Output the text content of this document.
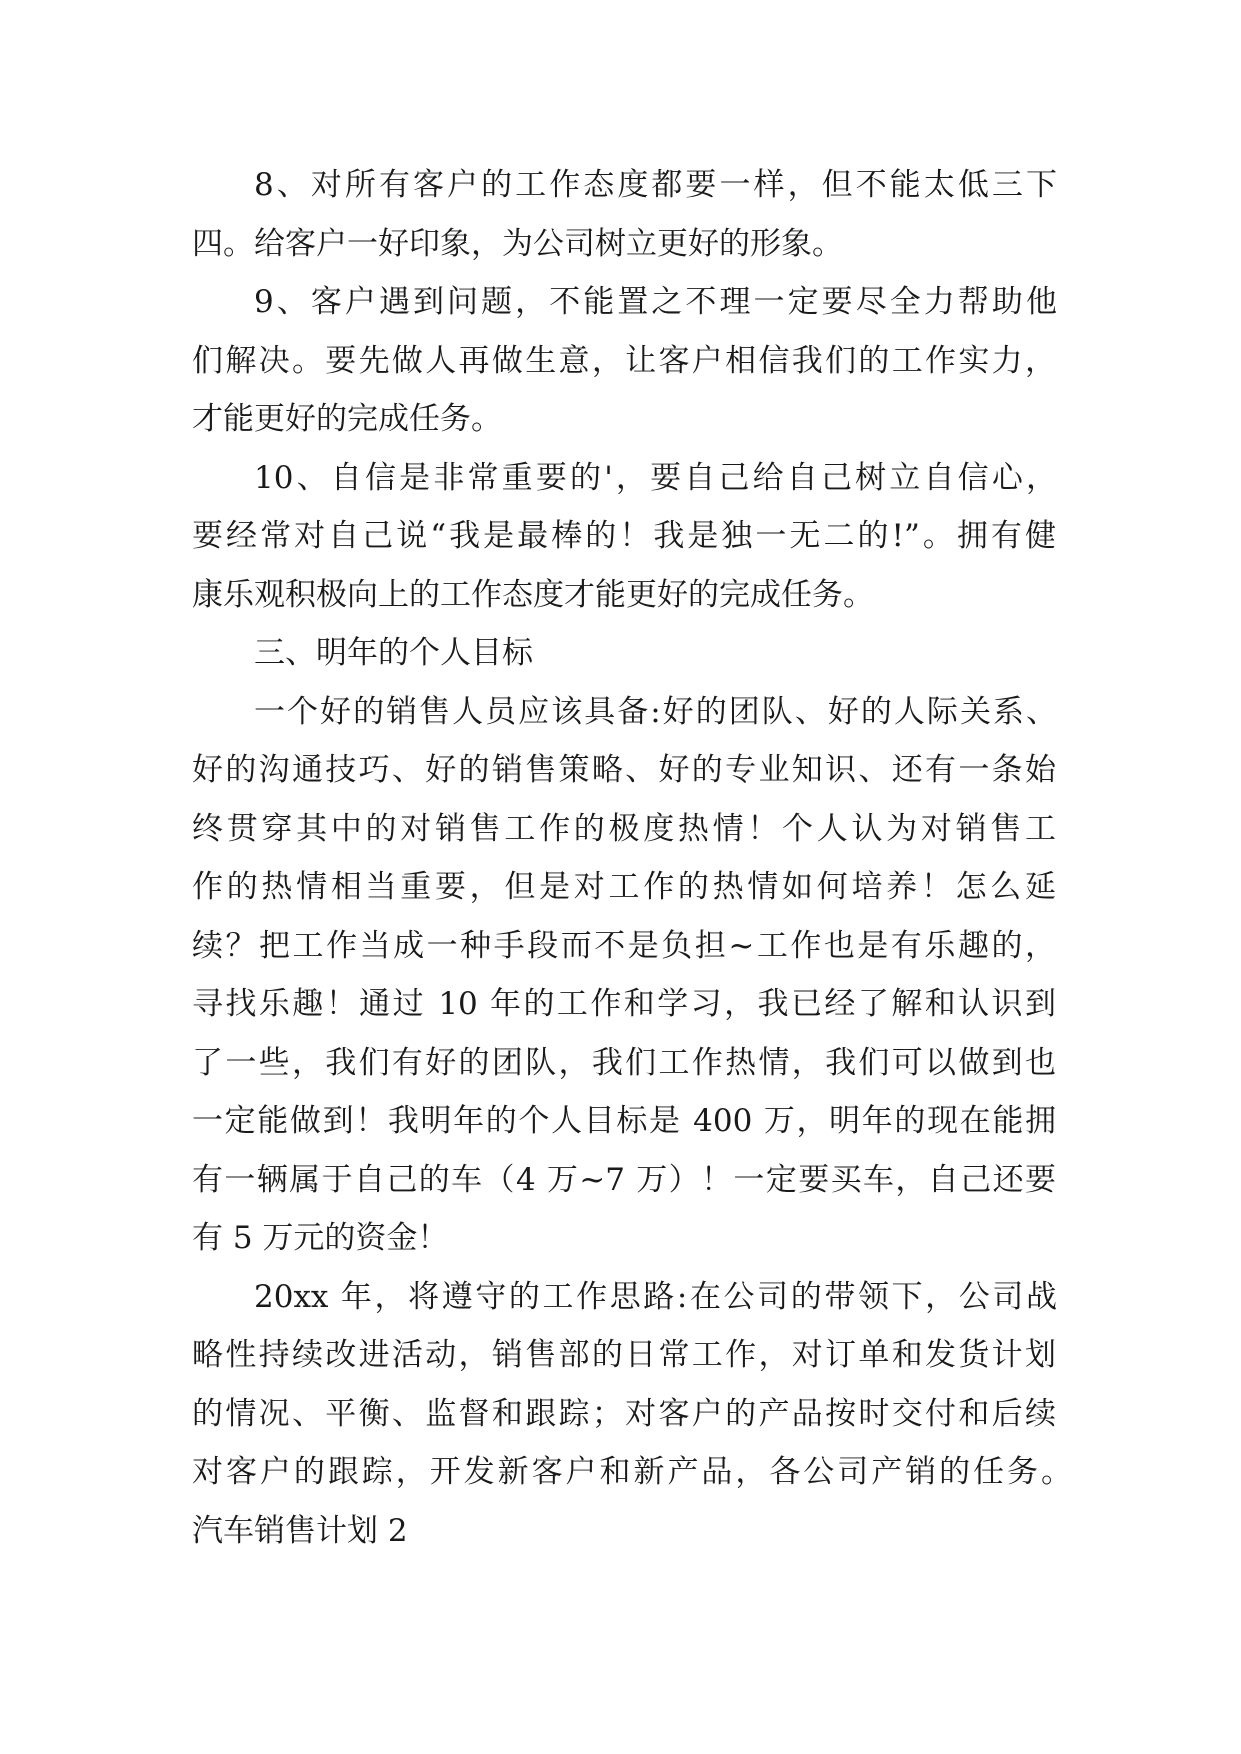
8、对所有客户的工作态度都要一样，但不能太低三下
四。给客户一好印象，为公司树立更好的形象。
9、客户遇到问题，不能置之不理一定要尽全力帮助他
们解决。要先做人再做生意，让客户相信我们的工作实力，
才能更好的完成任务。
10、自信是非常重要的'，要自己给自己树立自信心，
要经常对自己说“我是最棒的！我是独一无二的!”。拥有健
康乐观积极向上的工作态度才能更好的完成任务。
三、明年的个人目标
一个好的销售人员应该具备:好的团队、好的人际关系、
好的沟通技巧、好的销售策略、好的专业知识、还有一条始
终贯穿其中的对销售工作的极度热情！个人认为对销售工
作的热情相当重要，但是对工作的热情如何培养！怎么延
续？把工作当成一种手段而不是负担~工作也是有乐趣的，
寻找乐趣！通过 10 年的工作和学习，我已经了解和认识到
了一些，我们有好的团队，我们工作热情，我们可以做到也
一定能做到！我明年的个人目标是 400 万，明年的现在能拥
有一辆属于自己的车（4 万~7 万）！一定要买车，自己还要
有 5 万元的资金！
20xx 年，将遵守的工作思路:在公司的带领下，公司战
略性持续改进活动，销售部的日常工作，对订单和发货计划
的情况、平衡、监督和跟踪；对客户的产品按时交付和后续
对客户的跟踪，开发新客户和新产品，各公司产销的任务。
汽车销售计划 2
